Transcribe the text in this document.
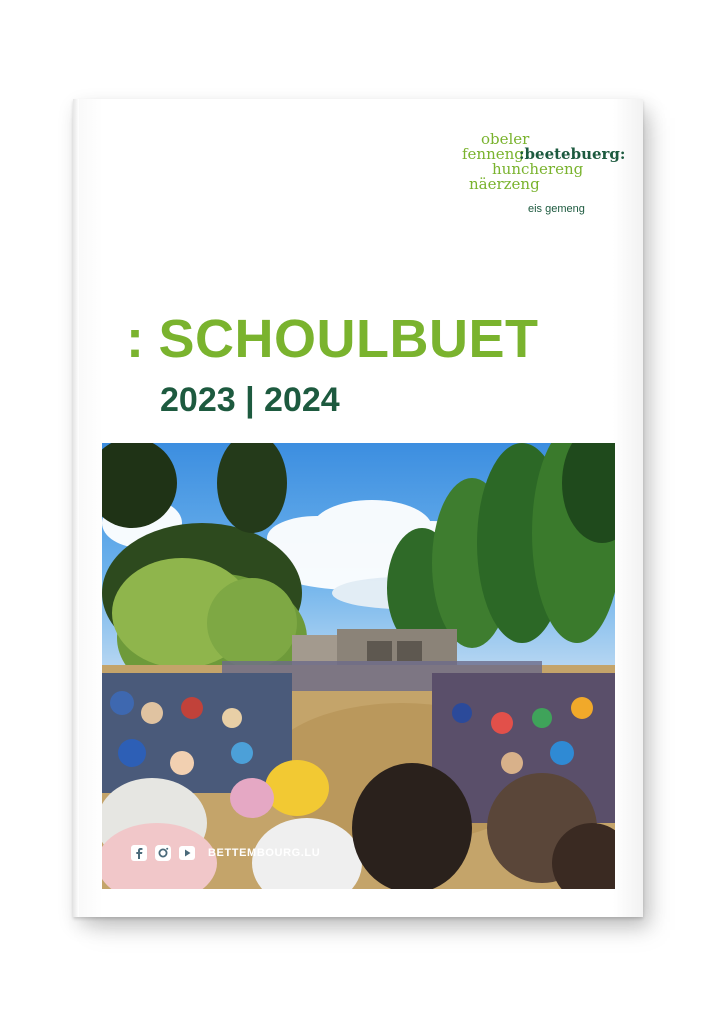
obeler
fenneng
:beetebuerg:
hunchereng
näerzeng
eis gemeng
: SCHOULBUET
2023 | 2024
BETTEMBOURG.LU
